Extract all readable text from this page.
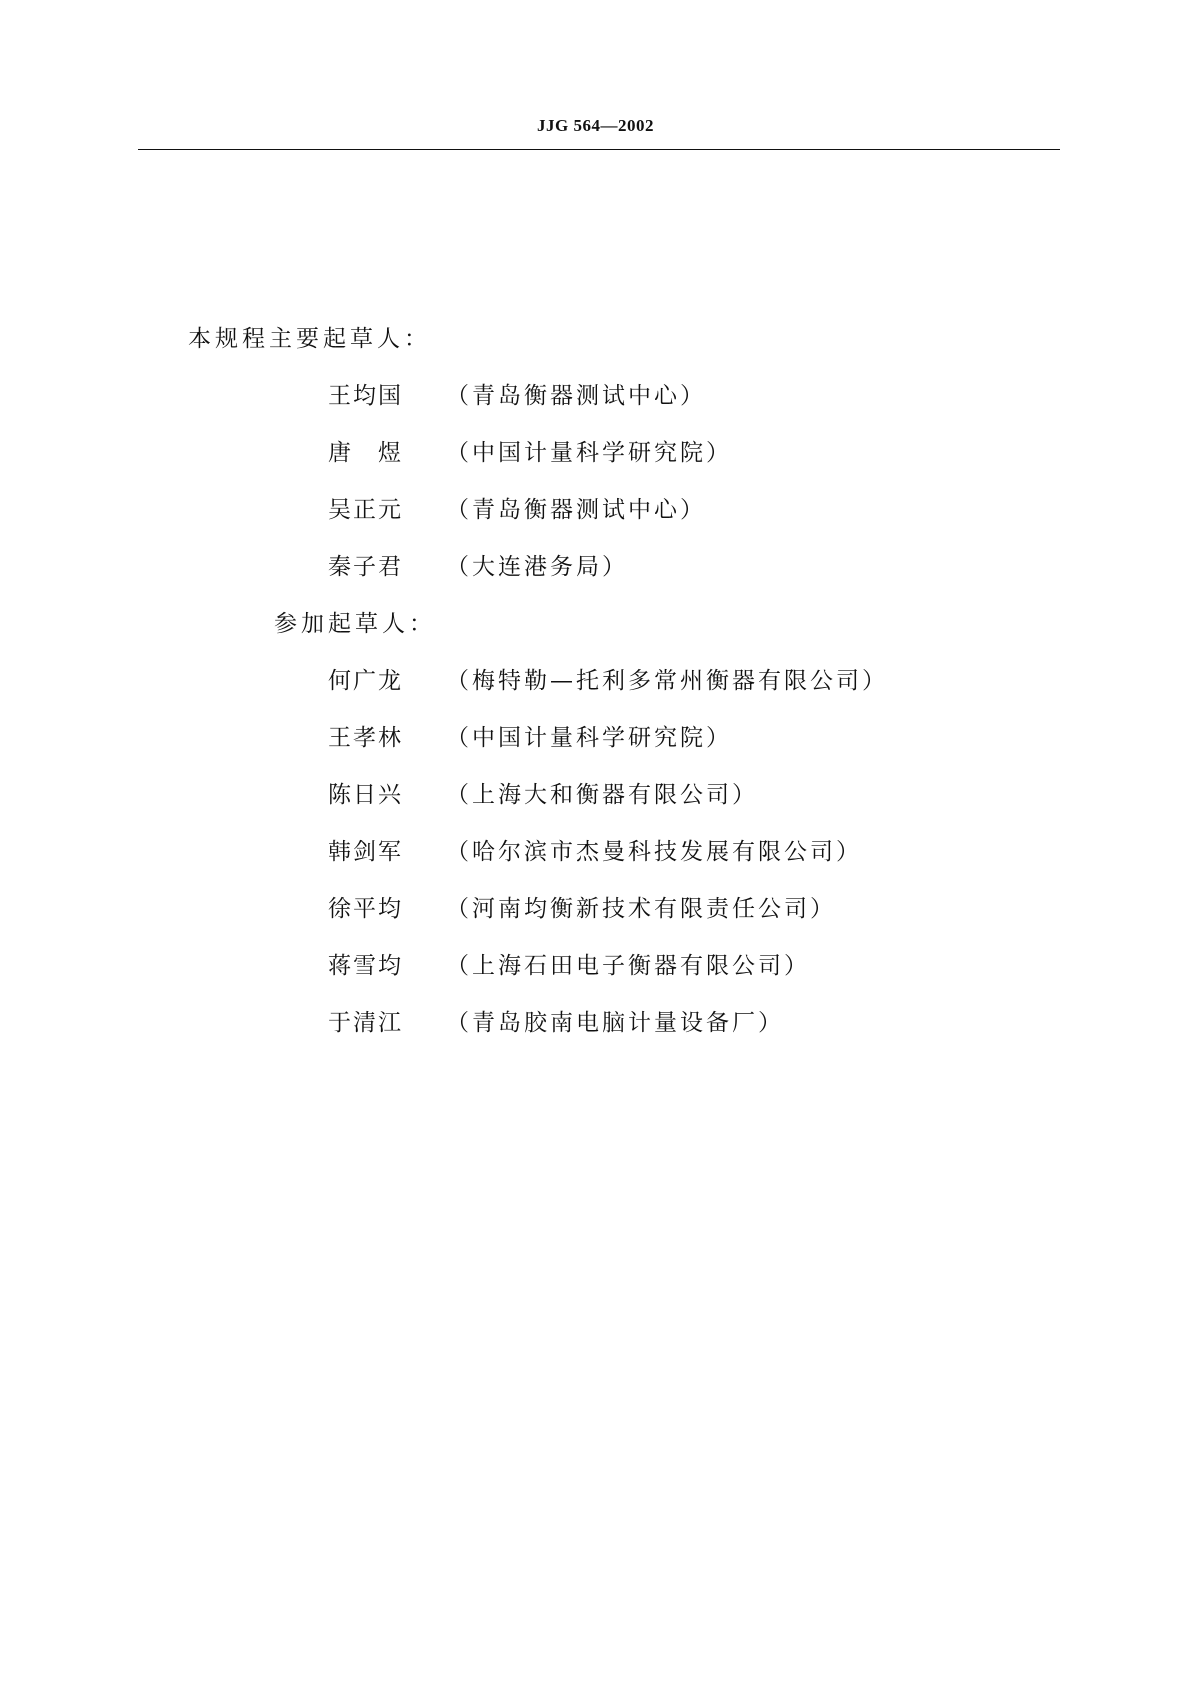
JJG 564—2002
本规程主要起草人：
王均国 （青岛衡器测试中心）
唐　煜 （中国计量科学研究院）
吴正元 （青岛衡器测试中心）
秦子君 （大连港务局）
参加起草人：
何广龙 （梅特勒—托利多常州衡器有限公司）
王孝林 （中国计量科学研究院）
陈日兴 （上海大和衡器有限公司）
韩剑军 （哈尔滨市杰曼科技发展有限公司）
徐平均 （河南均衡新技术有限责任公司）
蒋雪均 （上海石田电子衡器有限公司）
于清江 （青岛胶南电脑计量设备厂）
